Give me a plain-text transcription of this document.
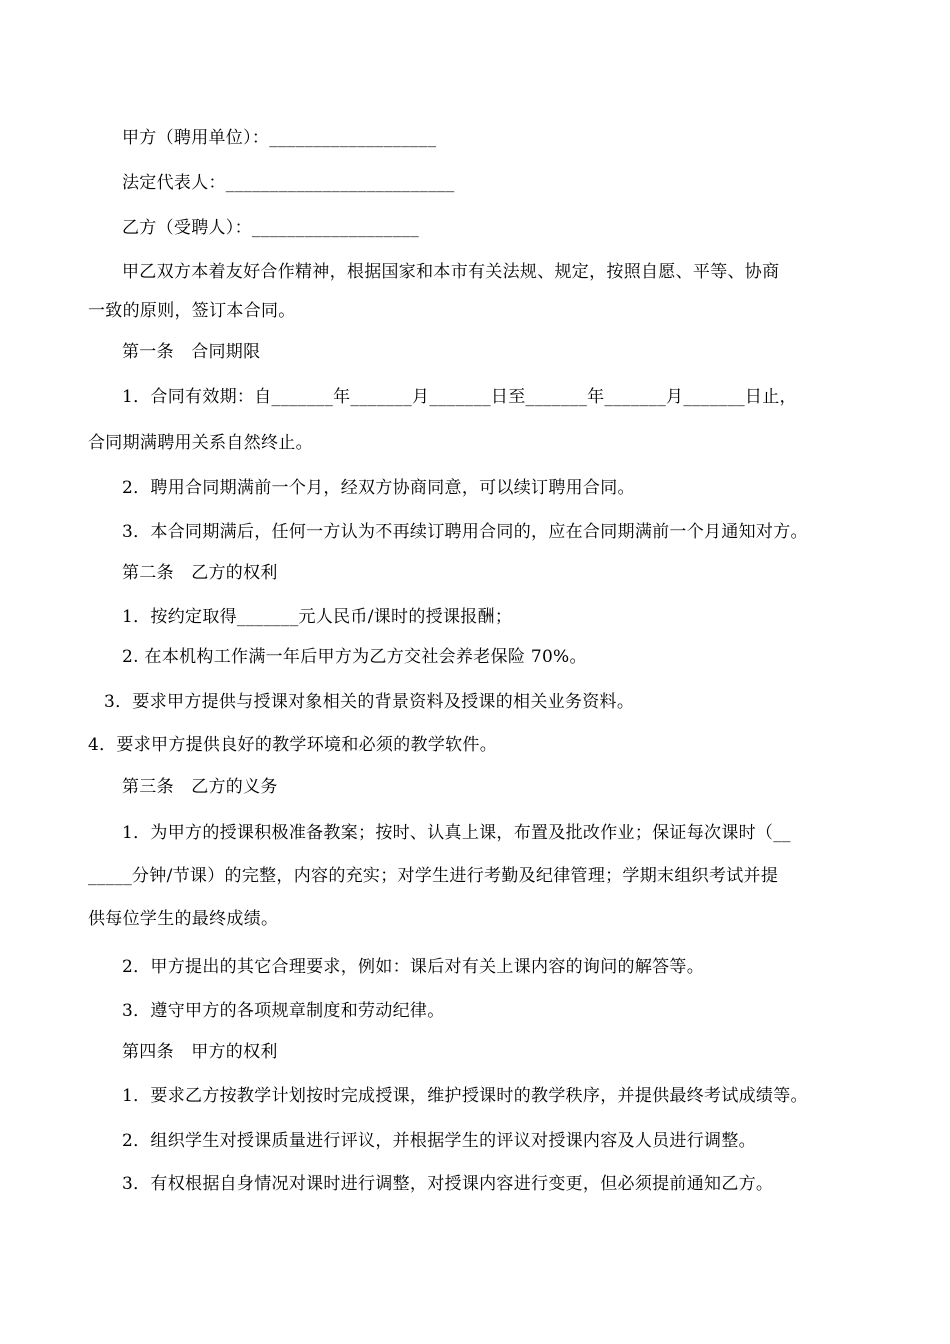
甲方（聘用单位）：___________________
法定代表人：__________________________
乙方（受聘人）：___________________
甲乙双方本着友好合作精神，根据国家和本市有关法规、规定，按照自愿、平等、协商
一致的原则，签订本合同。
第一条　合同期限
1．合同有效期：自_______年_______月_______日至_______年_______月_______日止，
合同期满聘用关系自然终止。
2．聘用合同期满前一个月，经双方协商同意，可以续订聘用合同。
3．本合同期满后，任何一方认为不再续订聘用合同的，应在合同期满前一个月通知对方。
第二条　乙方的权利
1．按约定取得_______元人民币/课时的授课报酬；
2. 在本机构工作满一年后甲方为乙方交社会养老保险 70%。
3．要求甲方提供与授课对象相关的背景资料及授课的相关业务资料。
4．要求甲方提供良好的教学环境和必须的教学软件。
第三条　乙方的义务
1．为甲方的授课积极准备教案；按时、认真上课，布置及批改作业；保证每次课时（__
_____分钟/节课）的完整，内容的充实；对学生进行考勤及纪律管理；学期末组织考试并提
供每位学生的最终成绩。
2．甲方提出的其它合理要求，例如：课后对有关上课内容的询问的解答等。
3．遵守甲方的各项规章制度和劳动纪律。
第四条　甲方的权利
1．要求乙方按教学计划按时完成授课，维护授课时的教学秩序，并提供最终考试成绩等。
2．组织学生对授课质量进行评议，并根据学生的评议对授课内容及人员进行调整。
3．有权根据自身情况对课时进行调整，对授课内容进行变更，但必须提前通知乙方。
